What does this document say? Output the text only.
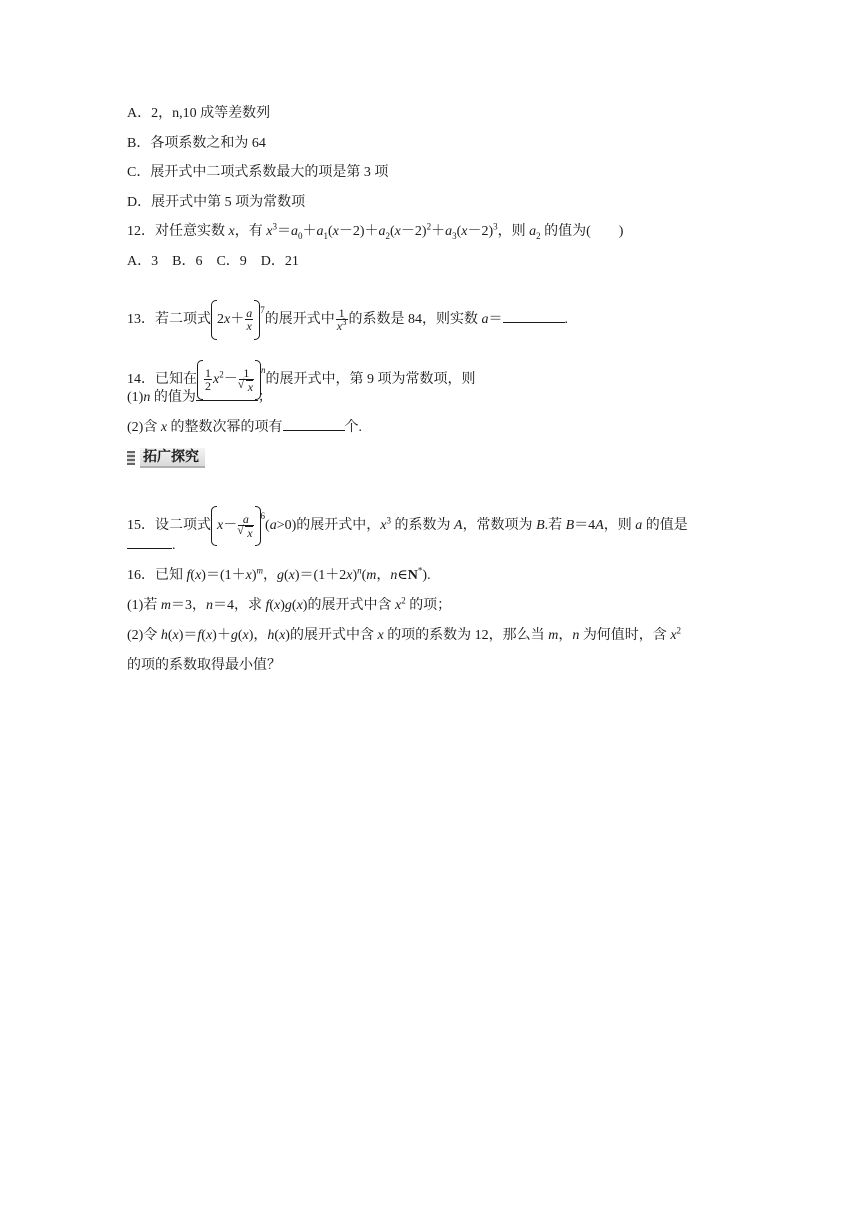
A．2，n,10 成等差数列
B．各项系数之和为 64
C．展开式中二项式系数最大的项是第 3 项
D．展开式中第 5 项为常数项
12．对任意实数 x，有 $x^3=a_0+a_1(x-2)+a_2(x-2)^2+a_3(x-2)^3$，则 $a_2$ 的值为(　　)
A．3　B．6　C．9　D．21
13．若二项式 $2x+ \frac{a}{x} ^7$的展开式中 $\frac{1}{x^3}$ 的系数是 84，则实数 a＝	.
14．已知在 $\frac{1}{2} x^2- 1$
√ x $^n$的展开式中，第 9 项为常数项，则
(1)n 的值为	；
(2)含 x 的整数次幂的项有	个.
拓广探究
15．设二项式 x－ a
√ x $^6$(a>0)的展开式中，$x^3$ 的系数为 A，常数项为 B.若 B＝4A，则 a 的值是
.
16．已知 $f(x)=(1+x)^m$，$g(x)=(1+2x)^n(m$，n∈N*).
(1)若 m＝3，n＝4，求 f(x)g(x)的展开式中含 $x^2$ 的项；
(2)令 h(x)＝f(x)＋g(x)，h(x)的展开式中含 x 的项的系数为 12，那么当 m，n 为何值时，含 $x^2$
的项的系数取得最小值？
